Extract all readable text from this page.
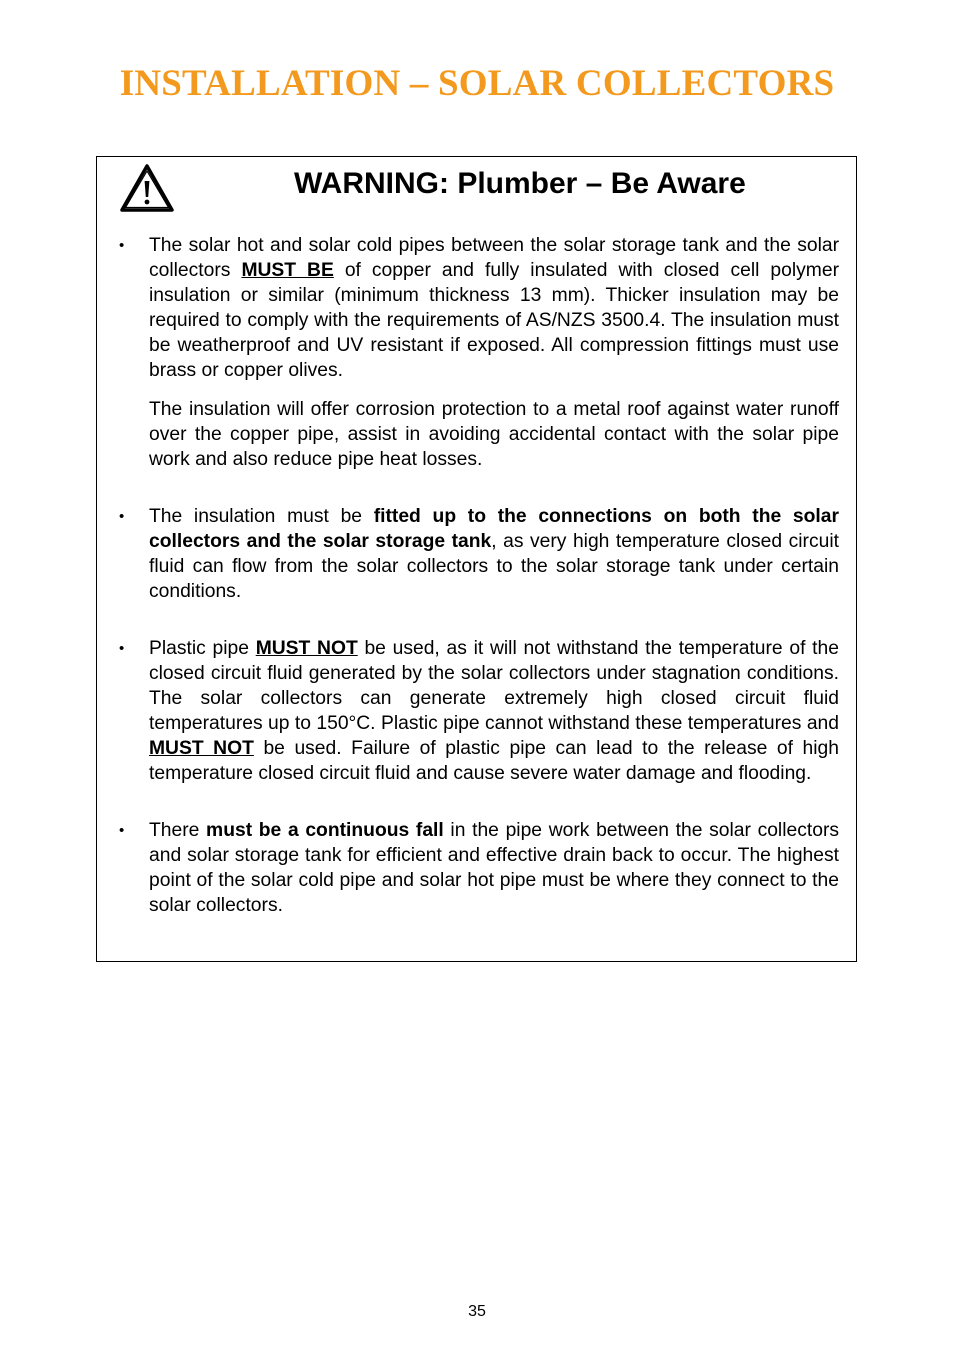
INSTALLATION – SOLAR COLLECTORS
WARNING: Plumber – Be Aware
• The solar hot and solar cold pipes between the solar storage tank and the solar collectors MUST BE of copper and fully insulated with closed cell polymer insulation or similar (minimum thickness 13 mm). Thicker insulation may be required to comply with the requirements of AS/NZS 3500.4. The insulation must be weatherproof and UV resistant if exposed. All compression fittings must use brass or copper olives.

The insulation will offer corrosion protection to a metal roof against water runoff over the copper pipe, assist in avoiding accidental contact with the solar pipe work and also reduce pipe heat losses.

• The insulation must be fitted up to the connections on both the solar collectors and the solar storage tank, as very high temperature closed circuit fluid can flow from the solar collectors to the solar storage tank under certain conditions.

• Plastic pipe MUST NOT be used, as it will not withstand the temperature of the closed circuit fluid generated by the solar collectors under stagnation conditions. The solar collectors can generate extremely high closed circuit fluid temperatures up to 150°C. Plastic pipe cannot withstand these temperatures and MUST NOT be used. Failure of plastic pipe can lead to the release of high temperature closed circuit fluid and cause severe water damage and flooding.

• There must be a continuous fall in the pipe work between the solar collectors and solar storage tank for efficient and effective drain back to occur. The highest point of the solar cold pipe and solar hot pipe must be where they connect to the solar collectors.

35
